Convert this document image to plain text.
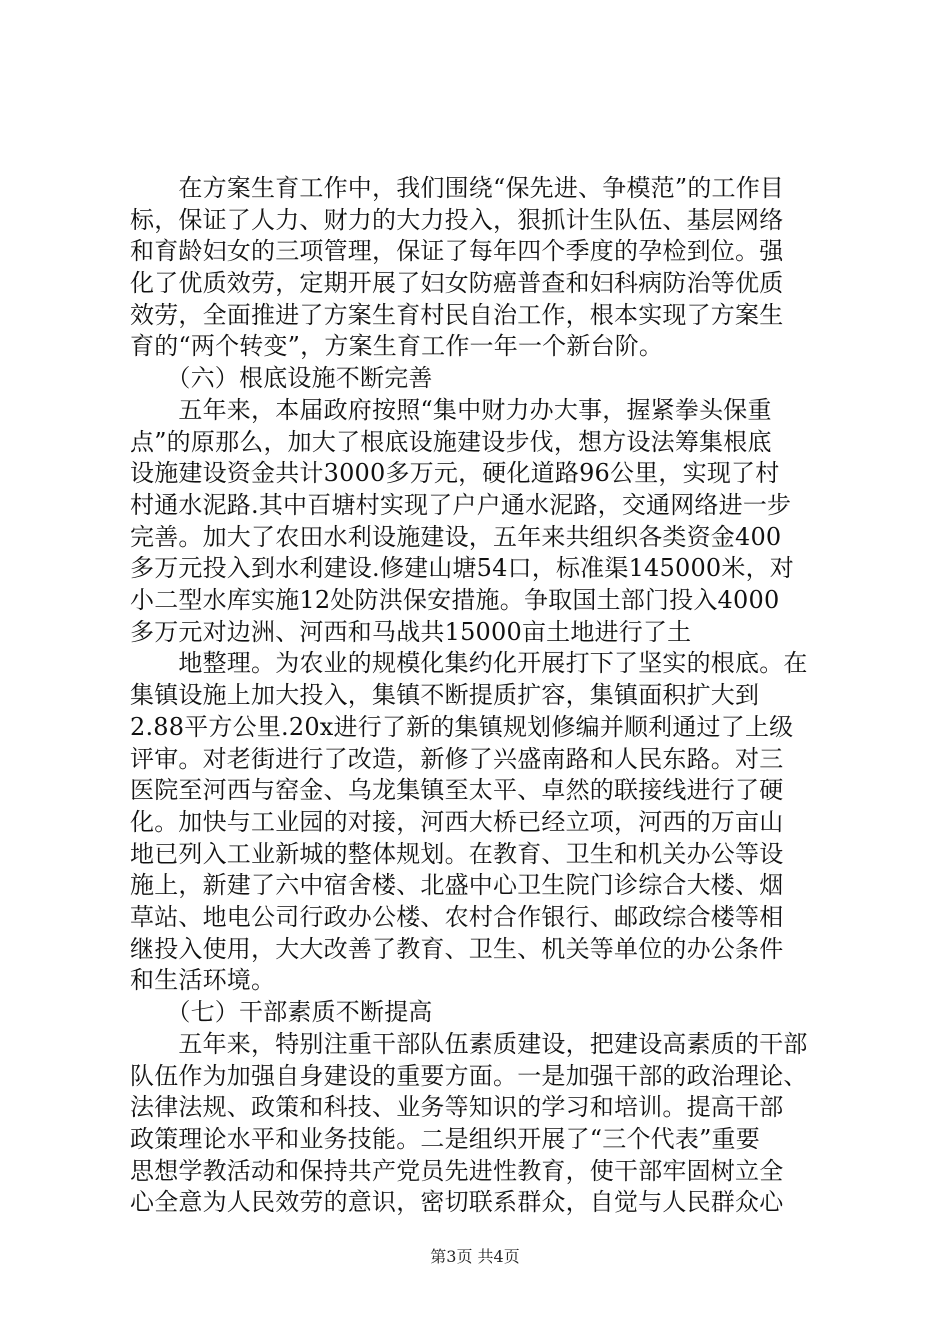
　　在方案生育工作中，我们围绕“保先进、争模范”的工作目
标，保证了人力、财力的大力投入，狠抓计生队伍、基层网络
和育龄妇女的三项管理，保证了每年四个季度的孕检到位。强
化了优质效劳，定期开展了妇女防癌普查和妇科病防治等优质
效劳，全面推进了方案生育村民自治工作，根本实现了方案生
育的“两个转变”，方案生育工作一年一个新台阶。
　　（六）根底设施不断完善
　　五年来，本届政府按照“集中财力办大事，握紧拳头保重
点”的原那么，加大了根底设施建设步伐，想方设法筹集根底
设施建设资金共计3000多万元，硬化道路96公里，实现了村
村通水泥路.其中百塘村实现了户户通水泥路，交通网络进一步
完善。加大了农田水利设施建设，五年来共组织各类资金400
多万元投入到水利建设.修建山塘54口，标准渠145000米，对
小二型水库实施12处防洪保安措施。争取国土部门投入4000
多万元对边洲、河西和马战共15000亩土地进行了土
　　地整理。为农业的规模化集约化开展打下了坚实的根底。在
集镇设施上加大投入，集镇不断提质扩容，集镇面积扩大到
2.88平方公里.20x进行了新的集镇规划修编并顺利通过了上级
评审。对老街进行了改造，新修了兴盛南路和人民东路。对三
医院至河西与窑金、乌龙集镇至太平、卓然的联接线进行了硬
化。加快与工业园的对接，河西大桥已经立项，河西的万亩山
地已列入工业新城的整体规划。在教育、卫生和机关办公等设
施上，新建了六中宿舍楼、北盛中心卫生院门诊综合大楼、烟
草站、地电公司行政办公楼、农村合作银行、邮政综合楼等相
继投入使用，大大改善了教育、卫生、机关等单位的办公条件
和生活环境。
　　（七）干部素质不断提高
　　五年来，特别注重干部队伍素质建设，把建设高素质的干部
队伍作为加强自身建设的重要方面。一是加强干部的政治理论、
法律法规、政策和科技、业务等知识的学习和培训。提高干部
政策理论水平和业务技能。二是组织开展了“三个代表”重要
思想学教活动和保持共产党员先进性教育，使干部牢固树立全
心全意为人民效劳的意识，密切联系群众，自觉与人民群众心
第3页 共4页
